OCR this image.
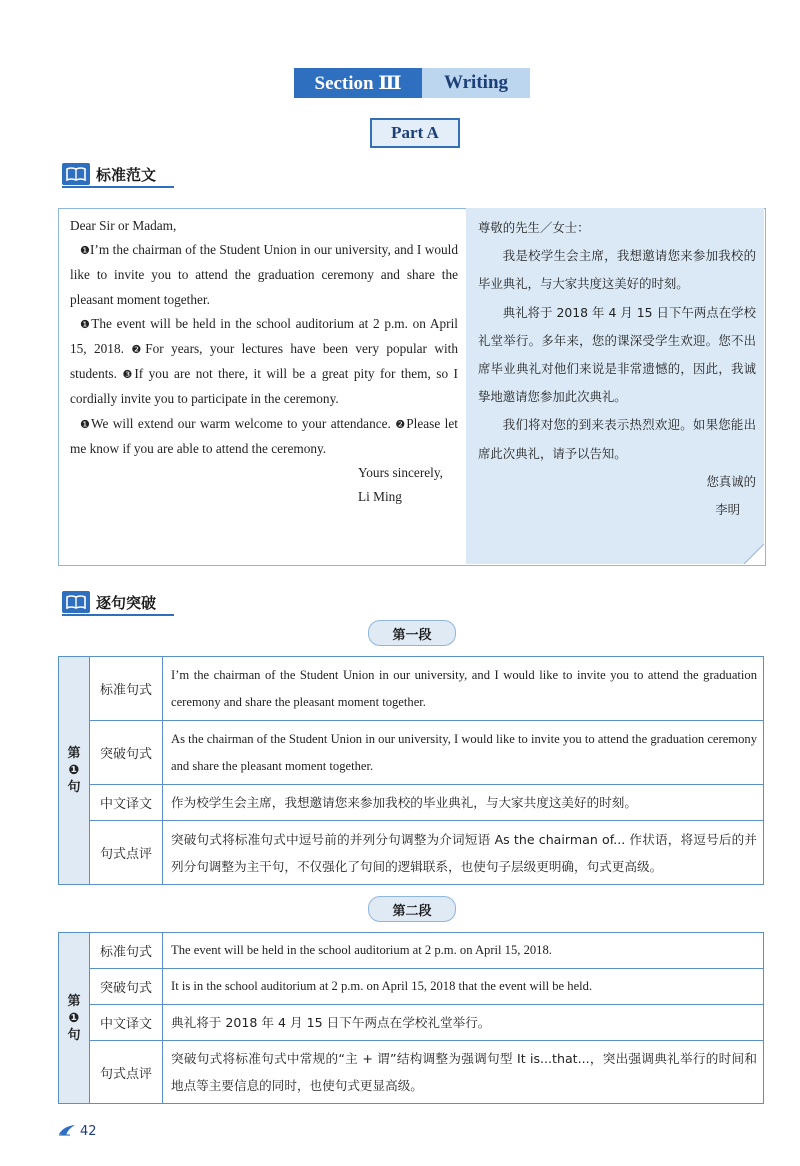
Section Ⅲ	Writing
Part A
标准范文

Dear Sir or Madam,

❶I’m the chairman of the Student Union in our university, and I would like to invite you to attend the graduation ceremony and share the pleasant moment together.

❶The event will be held in the school auditorium at 2 p.m. on April 15, 2018. ❷For years, your lectures have been very popular with students. ❸If you are not there, it will be a great pity for them, so I cordially invite you to participate in the ceremony.

❶We will extend our warm welcome to your attendance. ❷Please let me know if you are able to attend the ceremony.

Yours sincerely,

Li Ming

尊敬的先生／女士：

我是校学生会主席，我想邀请您来参加我校的毕业典礼，与大家共度这美好的时刻。

典礼将于 2018 年 4 月 15 日下午两点在学校礼堂举行。多年来，您的课深受学生欢迎。您不出席毕业典礼对他们来说是非常遗憾的，因此，我诚挚地邀请您参加此次典礼。

我们将对您的到来表示热烈欢迎。如果您能出席此次典礼，请予以告知。

您真诚的

李明

逐句突破
第一段
第
❶
句	标准句式	I’m the chairman of the Student Union in our university, and I would like to invite you to attend the graduation ceremony and share the pleasant moment together.
	突破句式	As the chairman of the Student Union in our university, I would like to invite you to attend the graduation ceremony and share the pleasant moment together.
	中文译文	作为校学生会主席，我想邀请您来参加我校的毕业典礼，与大家共度这美好的时刻。
	句式点评	突破句式将标准句式中逗号前的并列分句调整为介词短语 As the chairman of... 作状语，将逗号后的并列分句调整为主干句，不仅强化了句间的逻辑联系，也使句子层级更明确，句式更高级。
第二段
第
❶
句	标准句式	The event will be held in the school auditorium at 2 p.m. on April 15, 2018.
	突破句式	It is in the school auditorium at 2 p.m. on April 15, 2018 that the event will be held.
	中文译文	典礼将于 2018 年 4 月 15 日下午两点在学校礼堂举行。
	句式点评	突破句式将标准句式中常规的“主 + 谓”结构调整为强调句型 It is...that...，突出强调典礼举行的时间和地点等主要信息的同时，也使句式更显高级。
42
